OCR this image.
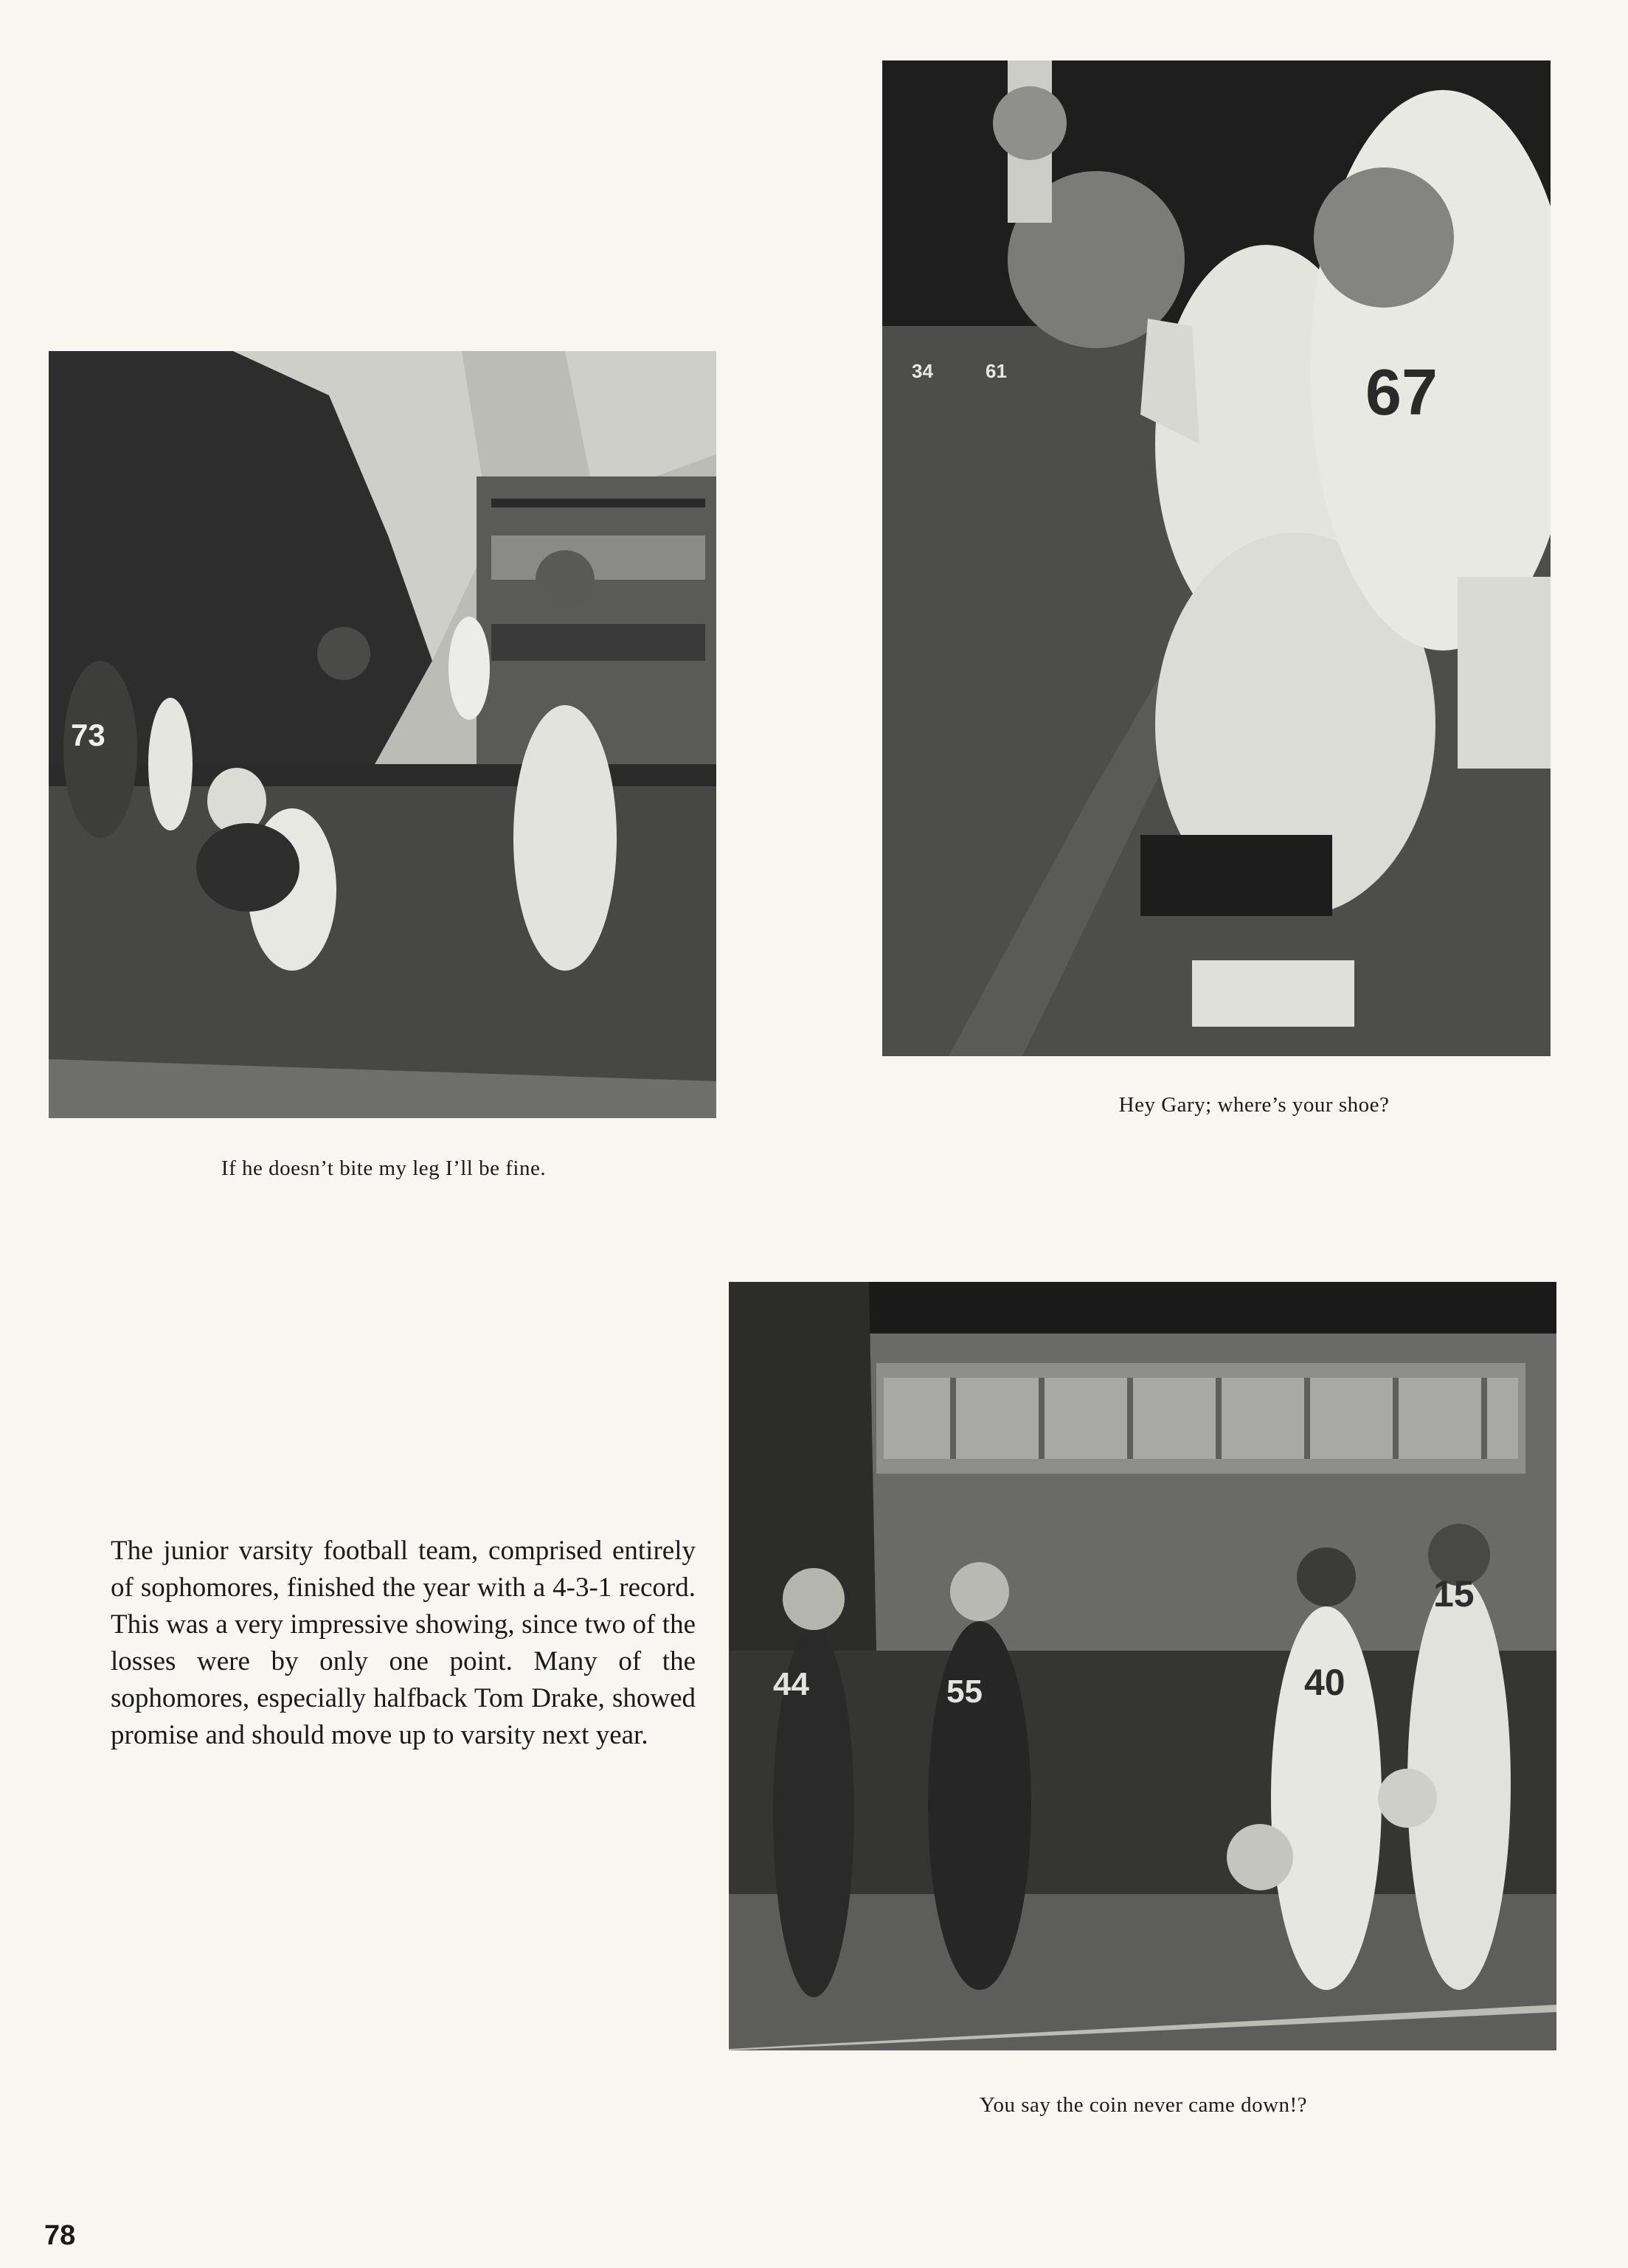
73
If he doesn’t bite my leg I’ll be fine.
67
34	61
Hey Gary; where’s your shoe?
The junior varsity football team, comprised entirely of sophomores, finished the year with a 4-3-1 record. This was a very impressive showing, since two of the losses were by only one point. Many of the sophomores, especially halfback Tom Drake, showed promise and should move up to varsity next year.
44	55	40
15
You say the coin never came down!?
78
